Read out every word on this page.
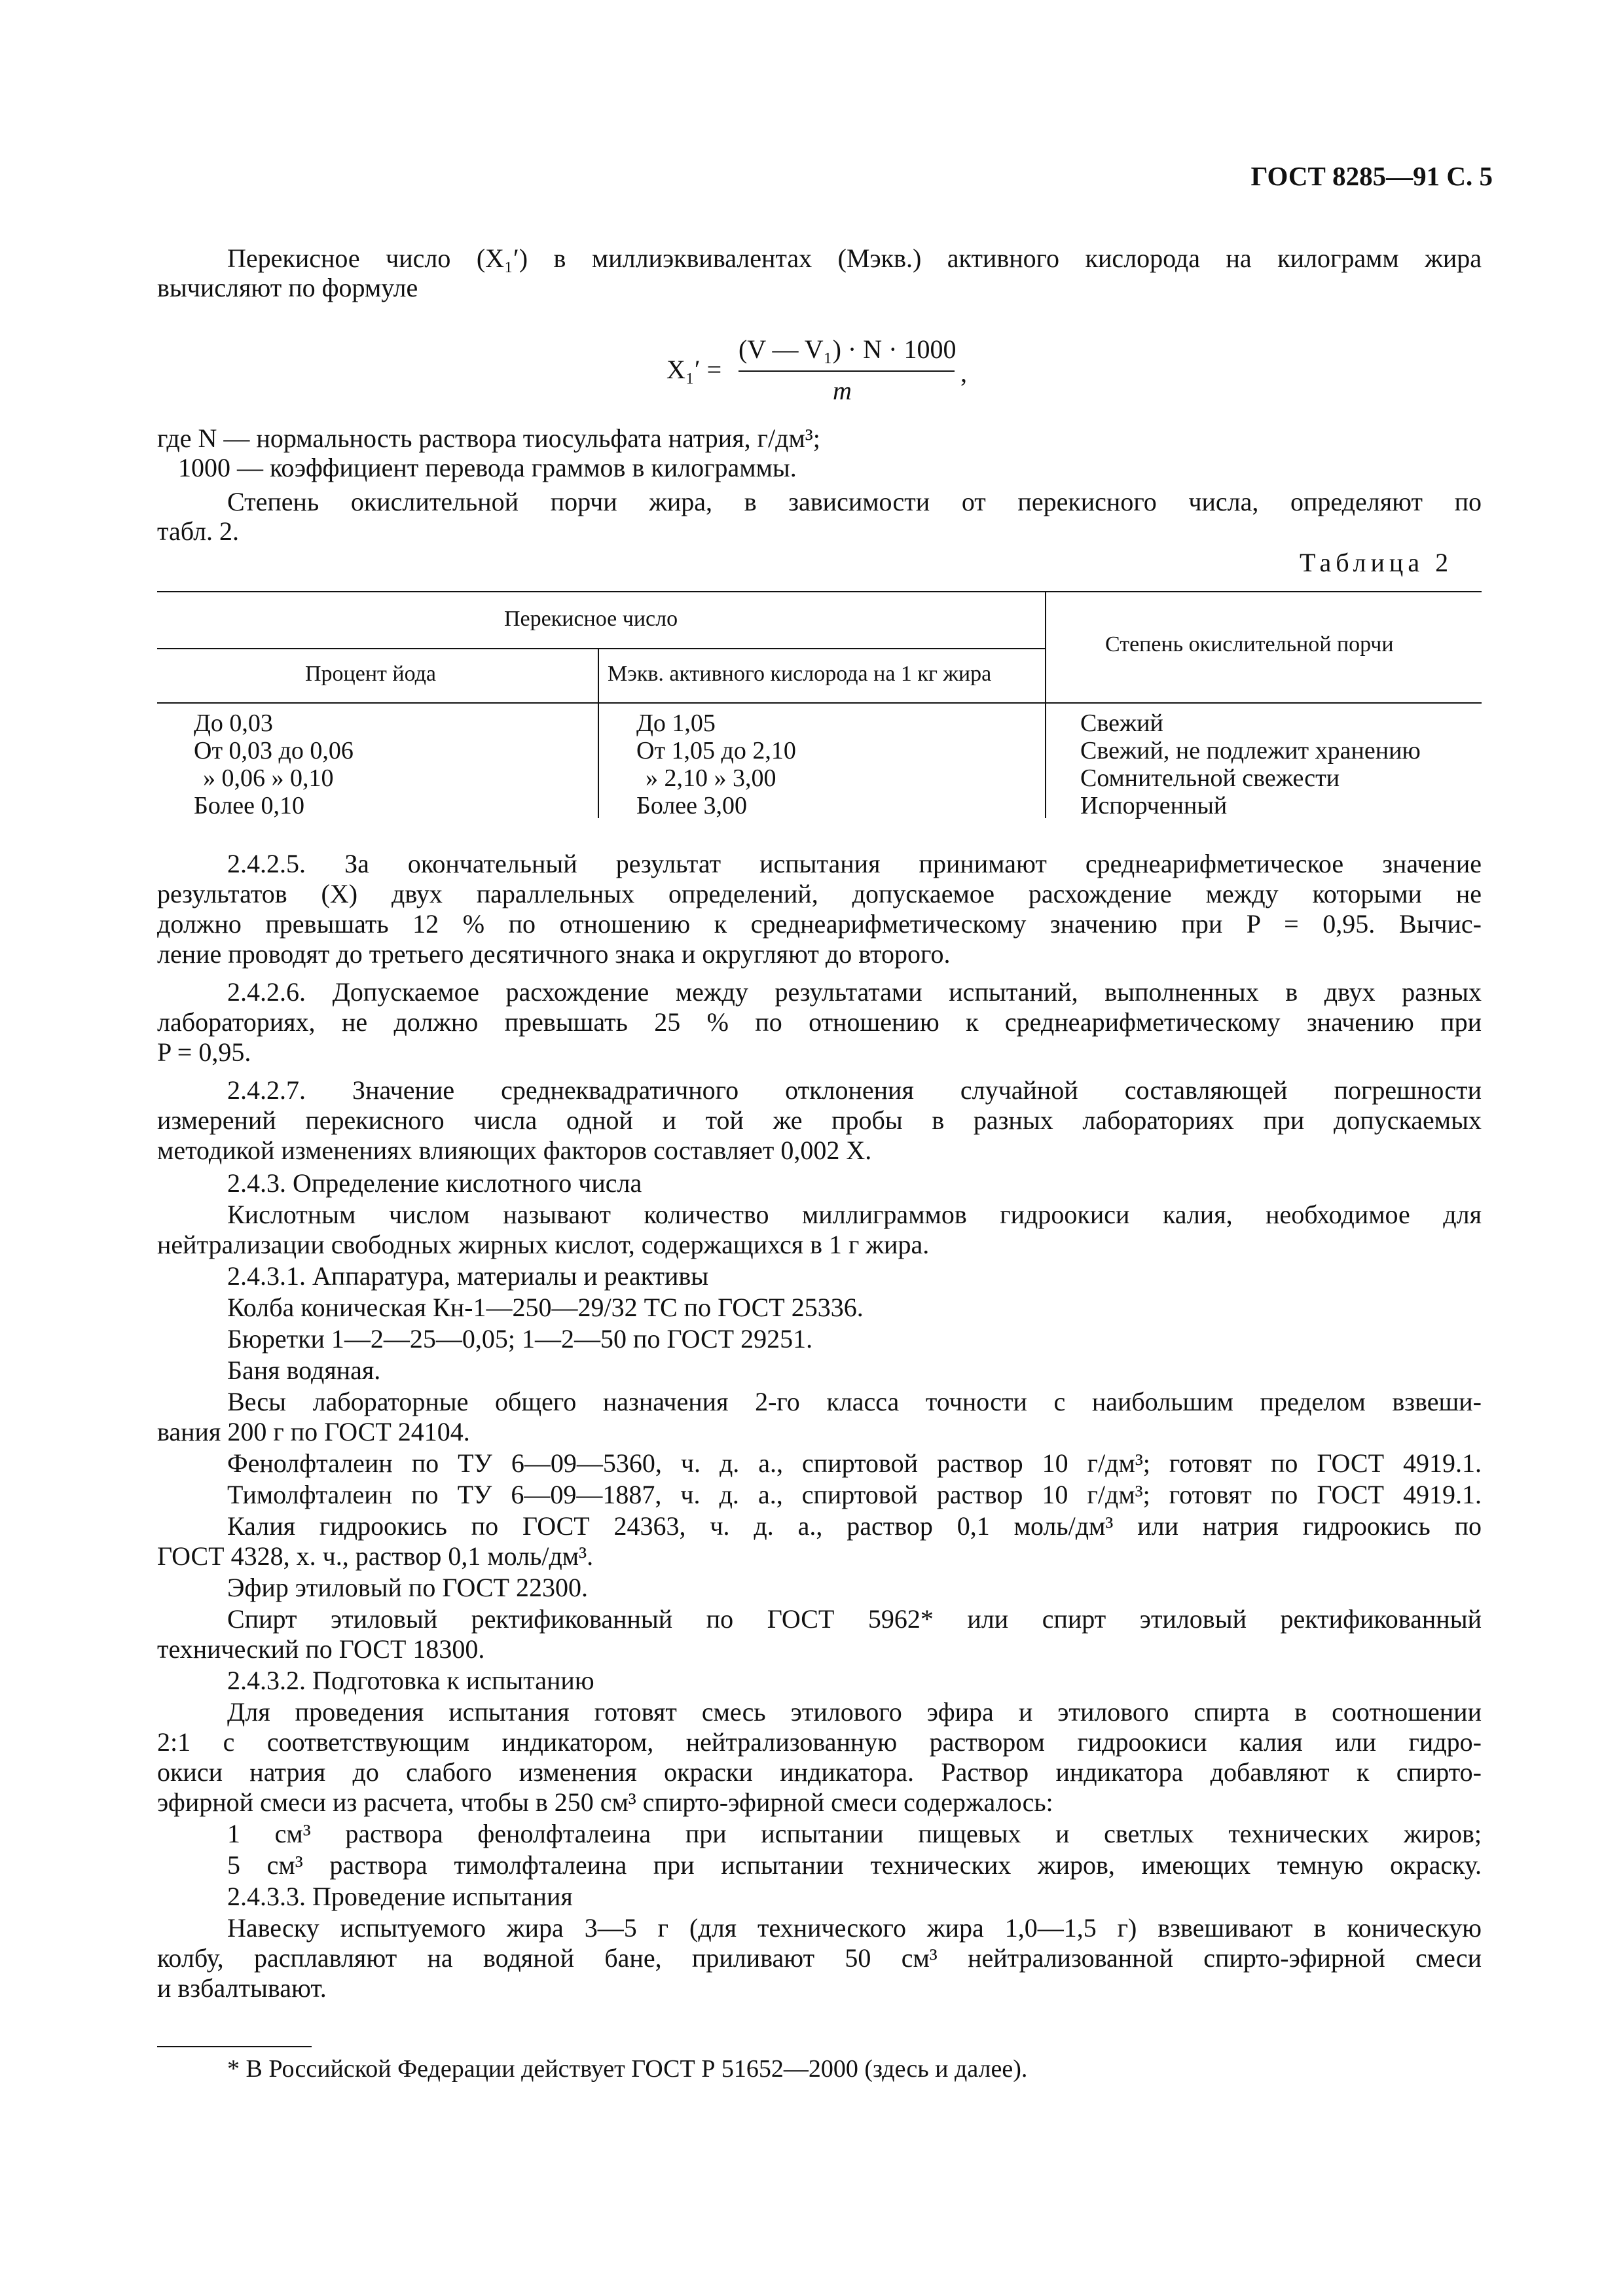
ГОСТ 8285—91 С. 5
Перекисное число (X₁′) в миллиэквивалентах (Мэкв.) активного кислорода на килограмм жира
вычисляют по формуле
X₁′ =
(V — V₁) · N · 1000
m
,
где N — нормальность раствора тиосульфата натрия, г/дм³;
1000 — коэффициент перевода граммов в килограммы.
Степень окислительной порчи жира, в зависимости от перекисного числа, определяют по
табл. 2.
Таблица 2
Перекисное число
Процент йода	Мэкв. активного кислорода на 1 кг жира
Степень окислительной порчи
До 0,03
От 0,03 до 0,06
» 0,06 » 0,10
Более 0,10
До 1,05
От 1,05 до 2,10
» 2,10 » 3,00
Более 3,00
Свежий
Свежий, не подлежит хранению
Сомнительной свежести
Испорченный
2.4.2.5. За окончательный результат испытания принимают среднеарифметическое значение
результатов (X) двух параллельных определений, допускаемое расхождение между которыми не
должно превышать 12 % по отношению к среднеарифметическому значению при P = 0,95. Вычис-
ление проводят до третьего десятичного знака и округляют до второго.
2.4.2.6. Допускаемое расхождение между результатами испытаний, выполненных в двух разных
лабораториях, не должно превышать 25 % по отношению к среднеарифметическому значению при
P = 0,95.
2.4.2.7. Значение среднеквадратичного отклонения случайной составляющей погрешности
измерений перекисного числа одной и той же пробы в разных лабораториях при допускаемых
методикой изменениях влияющих факторов составляет 0,002 X.
2.4.3. Определение кислотного числа
Кислотным числом называют количество миллиграммов гидроокиси калия, необходимое для
нейтрализации свободных жирных кислот, содержащихся в 1 г жира.
2.4.3.1. Аппаратура, материалы и реактивы
Колба коническая Кн-1—250—29/32 ТС по ГОСТ 25336.
Бюретки 1—2—25—0,05; 1—2—50 по ГОСТ 29251.
Баня водяная.
Весы лабораторные общего назначения 2-го класса точности с наибольшим пределом взвеши-
вания 200 г по ГОСТ 24104.
Фенолфталеин по ТУ 6—09—5360, ч. д. а., спиртовой раствор 10 г/дм³; готовят по ГОСТ 4919.1.
Тимолфталеин по ТУ 6—09—1887, ч. д. а., спиртовой раствор 10 г/дм³; готовят по ГОСТ 4919.1.
Калия гидроокись по ГОСТ 24363, ч. д. а., раствор 0,1 моль/дм³ или натрия гидроокись по
ГОСТ 4328, х. ч., раствор 0,1 моль/дм³.
Эфир этиловый по ГОСТ 22300.
Спирт этиловый ректификованный по ГОСТ 5962* или спирт этиловый ректификованный
технический по ГОСТ 18300.
2.4.3.2. Подготовка к испытанию
Для проведения испытания готовят смесь этилового эфира и этилового спирта в соотношении
2:1 с соответствующим индикатором, нейтрализованную раствором гидроокиси калия или гидро-
окиси натрия до слабого изменения окраски индикатора. Раствор индикатора добавляют к спирто-
эфирной смеси из расчета, чтобы в 250 см³ спирто-эфирной смеси содержалось:
1 см³ раствора фенолфталеина при испытании пищевых и светлых технических жиров;
5 см³ раствора тимолфталеина при испытании технических жиров, имеющих темную окраску.
2.4.3.3. Проведение испытания
Навеску испытуемого жира 3—5 г (для технического жира 1,0—1,5 г) взвешивают в коническую
колбу, расплавляют на водяной бане, приливают 50 см³ нейтрализованной спирто-эфирной смеси
и взбалтывают.
* В Российской Федерации действует ГОСТ Р 51652—2000 (здесь и далее).
